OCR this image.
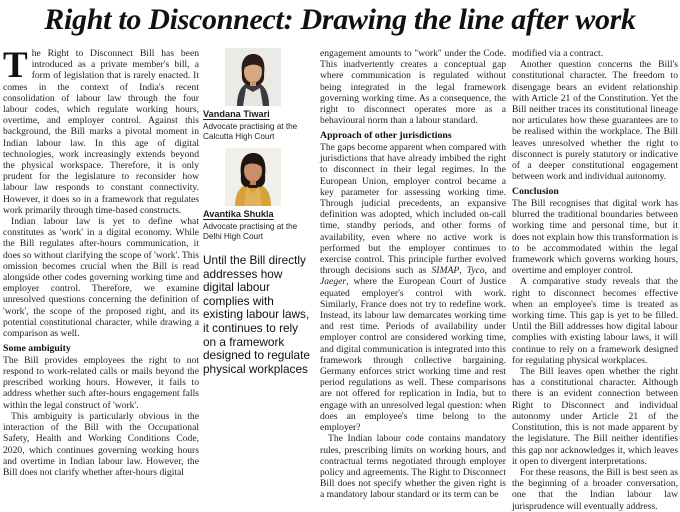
Right to Disconnect: Drawing the line after work

The Right to Disconnect Bill has been introduced as a private member's bill, a form of legislation that is rarely enacted. It comes in the context of India's recent consolidation of labour law through the four labour codes, which regulate working hours, overtime, and employer control. Against this background, the Bill marks a pivotal moment in Indian labour law. In this age of digital technologies, work increasingly extends beyond the physical workspace. Therefore, it is only prudent for the legislature to reconsider how labour law responds to constant connectivity. However, it does so in a framework that regulates work primarily through time-based constructs.

Indian labour law is yet to define what constitutes as 'work' in a digital economy. While the Bill regulates after-hours communication, it does so without clarifying the scope of 'work'. This omission becomes crucial when the Bill is read alongside other codes governing working time and employer control. Therefore, we examine unresolved questions concerning the definition of 'work', the scope of the proposed right, and its potential constitutional character, while drawing a comparison as well.

Some ambiguity

The Bill provides employees the right to not respond to work-related calls or mails beyond the prescribed working hours. However, it fails to address whether such after-hours engagement falls within the legal construct of 'work'.

This ambiguity is particularly obvious in the interaction of the Bill with the Occupational Safety, Health and Working Conditions Code, 2020, which continues governing working hours and overtime in Indian labour law. However, the Bill does not clarify whether after-hours digital

Vandana Tiwari
Advocate practising at the Calcutta High Court
Avantika Shukla
Advocate practising at the Delhi High Court
Until the Bill directly addresses how digital labour complies with existing labour laws, it continues to rely on a framework designed to regulate physical workplaces

engagement amounts to "work" under the Code. This inadvertently creates a conceptual gap where communication is regulated without being integrated in the legal framework governing working time. As a consequence, the right to disconnect operates more as a behavioural norm than a labour standard.

Approach of other jurisdictions

The gaps become apparent when compared with jurisdictions that have already imbibed the right to disconnect in their legal regimes. In the European Union, employer control became a key parameter for assessing working time. Through judicial precedents, an expansive definition was adopted, which included on-call time, standby periods, and other forms of availability, even where no active work is performed but the employer continues to exercise control. This principle further evolved through decisions such as SIMAP, Tyco, and Jaeger, where the European Court of Justice equated employer's control with work. Similarly, France does not try to redefine work. Instead, its labour law demarcates working time and rest time. Periods of availability under employer control are considered working time, and digital communication is integrated into this framework through collective bargaining. Germany enforces strict working time and rest period regulations as well. These comparisons are not offered for replication in India, but to engage with an unresolved legal question: when does an employee's time belong to the employer?

The Indian labour code contains mandatory rules, prescribing limits on working hours, and contractual terms negotiated through employer policy and agreements. The Right to Disconnect Bill does not specify whether the given right is a mandatory labour standard or its term can be

modified via a contract.

Another question concerns the Bill's constitutional character. The freedom to disengage bears an evident relationship with Article 21 of the Constitution. Yet the Bill neither traces its constitutional lineage nor articulates how these guarantees are to be realised within the workplace. The Bill leaves unresolved whether the right to disconnect is purely statutory or indicative of a deeper constitutional engagement between work and individual autonomy.

Conclusion

The Bill recognises that digital work has blurred the traditional boundaries between working time and personal time, but it does not explain how this transformation is to be accommodated within the legal framework which governs working hours, overtime and employer control.

A comparative study reveals that the right to disconnect becomes effective when an employee's time is treated as working time. This gap is yet to be filled. Until the Bill addresses how digital labour complies with existing labour laws, it will continue to rely on a framework designed for regulating physical workplaces.

The Bill leaves open whether the right has a constitutional character. Although there is an evident connection between Right to Disconnect and individual autonomy under Article 21 of the Constitution, this is not made apparent by the legislature. The Bill neither identifies this gap nor acknowledges it, which leaves it open to divergent interpretations.

For these reasons, the Bill is best seen as the beginning of a broader conversation, one that the Indian labour law jurisprudence will eventually address.
